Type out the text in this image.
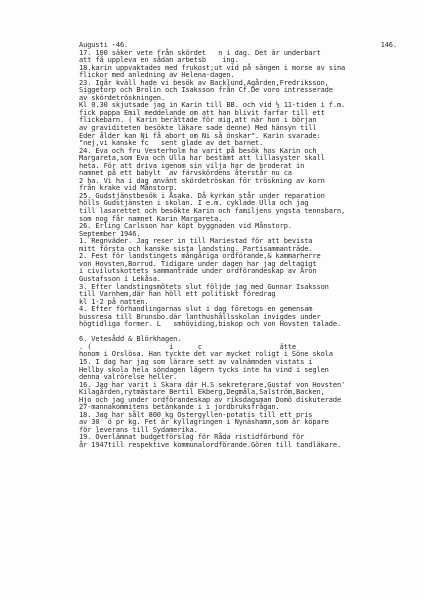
Augusti -46.	146.
17. 100 säker vete från skördet   n i dag. Det är underbart
att få uppleva en sådan arbetsb    ing.
18.karin uppvaktades med frukost;ut vid på sängen i morse av sina
flickor med anledning av Helena-dagen.
23. Igår kväll hade vi besök av Backlund,Agården,Fredriksson,
Siggetorp och Brolin och Isaksson från Cf.De voro intresserade
av skördetröskningen.
Kl 0.30 skjutsade jag in Karin till BB. och vid ½ 11-tiden i f.m.
fick pappa Emil meddelande om att han blivit farfar till ett
flickebarn. ( Karin berättade för mig,att när hon i början
av graviditeten besökte läkare sade denne) Med hänsyn till
Eder ålder kan Ni få abort om Ni så önskar". Karin svarade:
"nej,vi kanske fc   sent glade av det barnet.
24. Eva och fru Vesterholm ha varit på besök hos Karin och
Margareta,som Eva och Ulla har bestämt att lillasyster skall
heta. För att driva igenom sin vilja har de broderat in
namnet på ett babylt  av färvskördens återstår nu ca
2 ha. Vi ha i dag använt skördetröskan för tröskning av korn
från krake vid Månstorp.
25. Gudstjänstbesök i Åsaka. Då kyrkan står under reparation
hölls Gudstjänsten i skolan. I e.m. cyklade Ulla och jag
till lasarettet och besökte Karin och familjens yngsta tennsbarn,
som nog får namnet Karin Margareta.
26. Erling Carlsson har köpt byggnaden vid Månstorp.
September 1946.
1. Regnväder. Jag reser in till Mariestad för att bevista
mitt första och kanske sista landsting. Partisammanträde.
2. Fest för landstingets mångåriga ordförande,& kammarherre
von Hovsten,Borrud. Tidigare under dagen har jag deltagigt
i civilutskottets sammanträde under ordförandeskap av Aron
Gustafsson i Lekåsa.
3. Efter landstingsmötets slut följde jag med Gunnar Isaksson
till Varnhem,där han höll ett politiskt föredrag
kl 1-2 på natten.
4. Efter förhandlingarnas slut i dag företogs en gemensam
bussresa till Brunsbo.där lanthushållsskolan invigdes under
högtidliga former. L   smhöviding,biskop och von Hovsten talade.
6. Vetesådd & Blörkhagen.
. (                   i      c                   ätte
honom i Orslösa. Han tyckte det var mycket roligt i Söne skola
15. I dag har jag som lärare sett av valnämnden vistats i
Hellby skola hela söndagen lägern tycks inte ha vind i seglen
denna valrörelse heller.
16. Jag har varit i Skara där H.S sekreterare,Gustaf von Hovsten'
Kilagården,rytmästare Bertil Ekberg,Degmåla,Salström,Backen,
Hjo och jag under ordförandeskap av riksdagsman Domö diskuterade
27-mannakommitens betänkande i i jordbruksfrågan.
18. Jag har sålt 800 kg Östergyllen-potatis till ett pris
av 30  ö pr kg. Fet är kyllagringen i Nynäshamn,som är köpare
för leverans till Sydamerika.
19. Överlämnat budgetförslag för Råda ristidförbund för
år 1947till respektive kommunalordförande.Gören till tandläkare.
